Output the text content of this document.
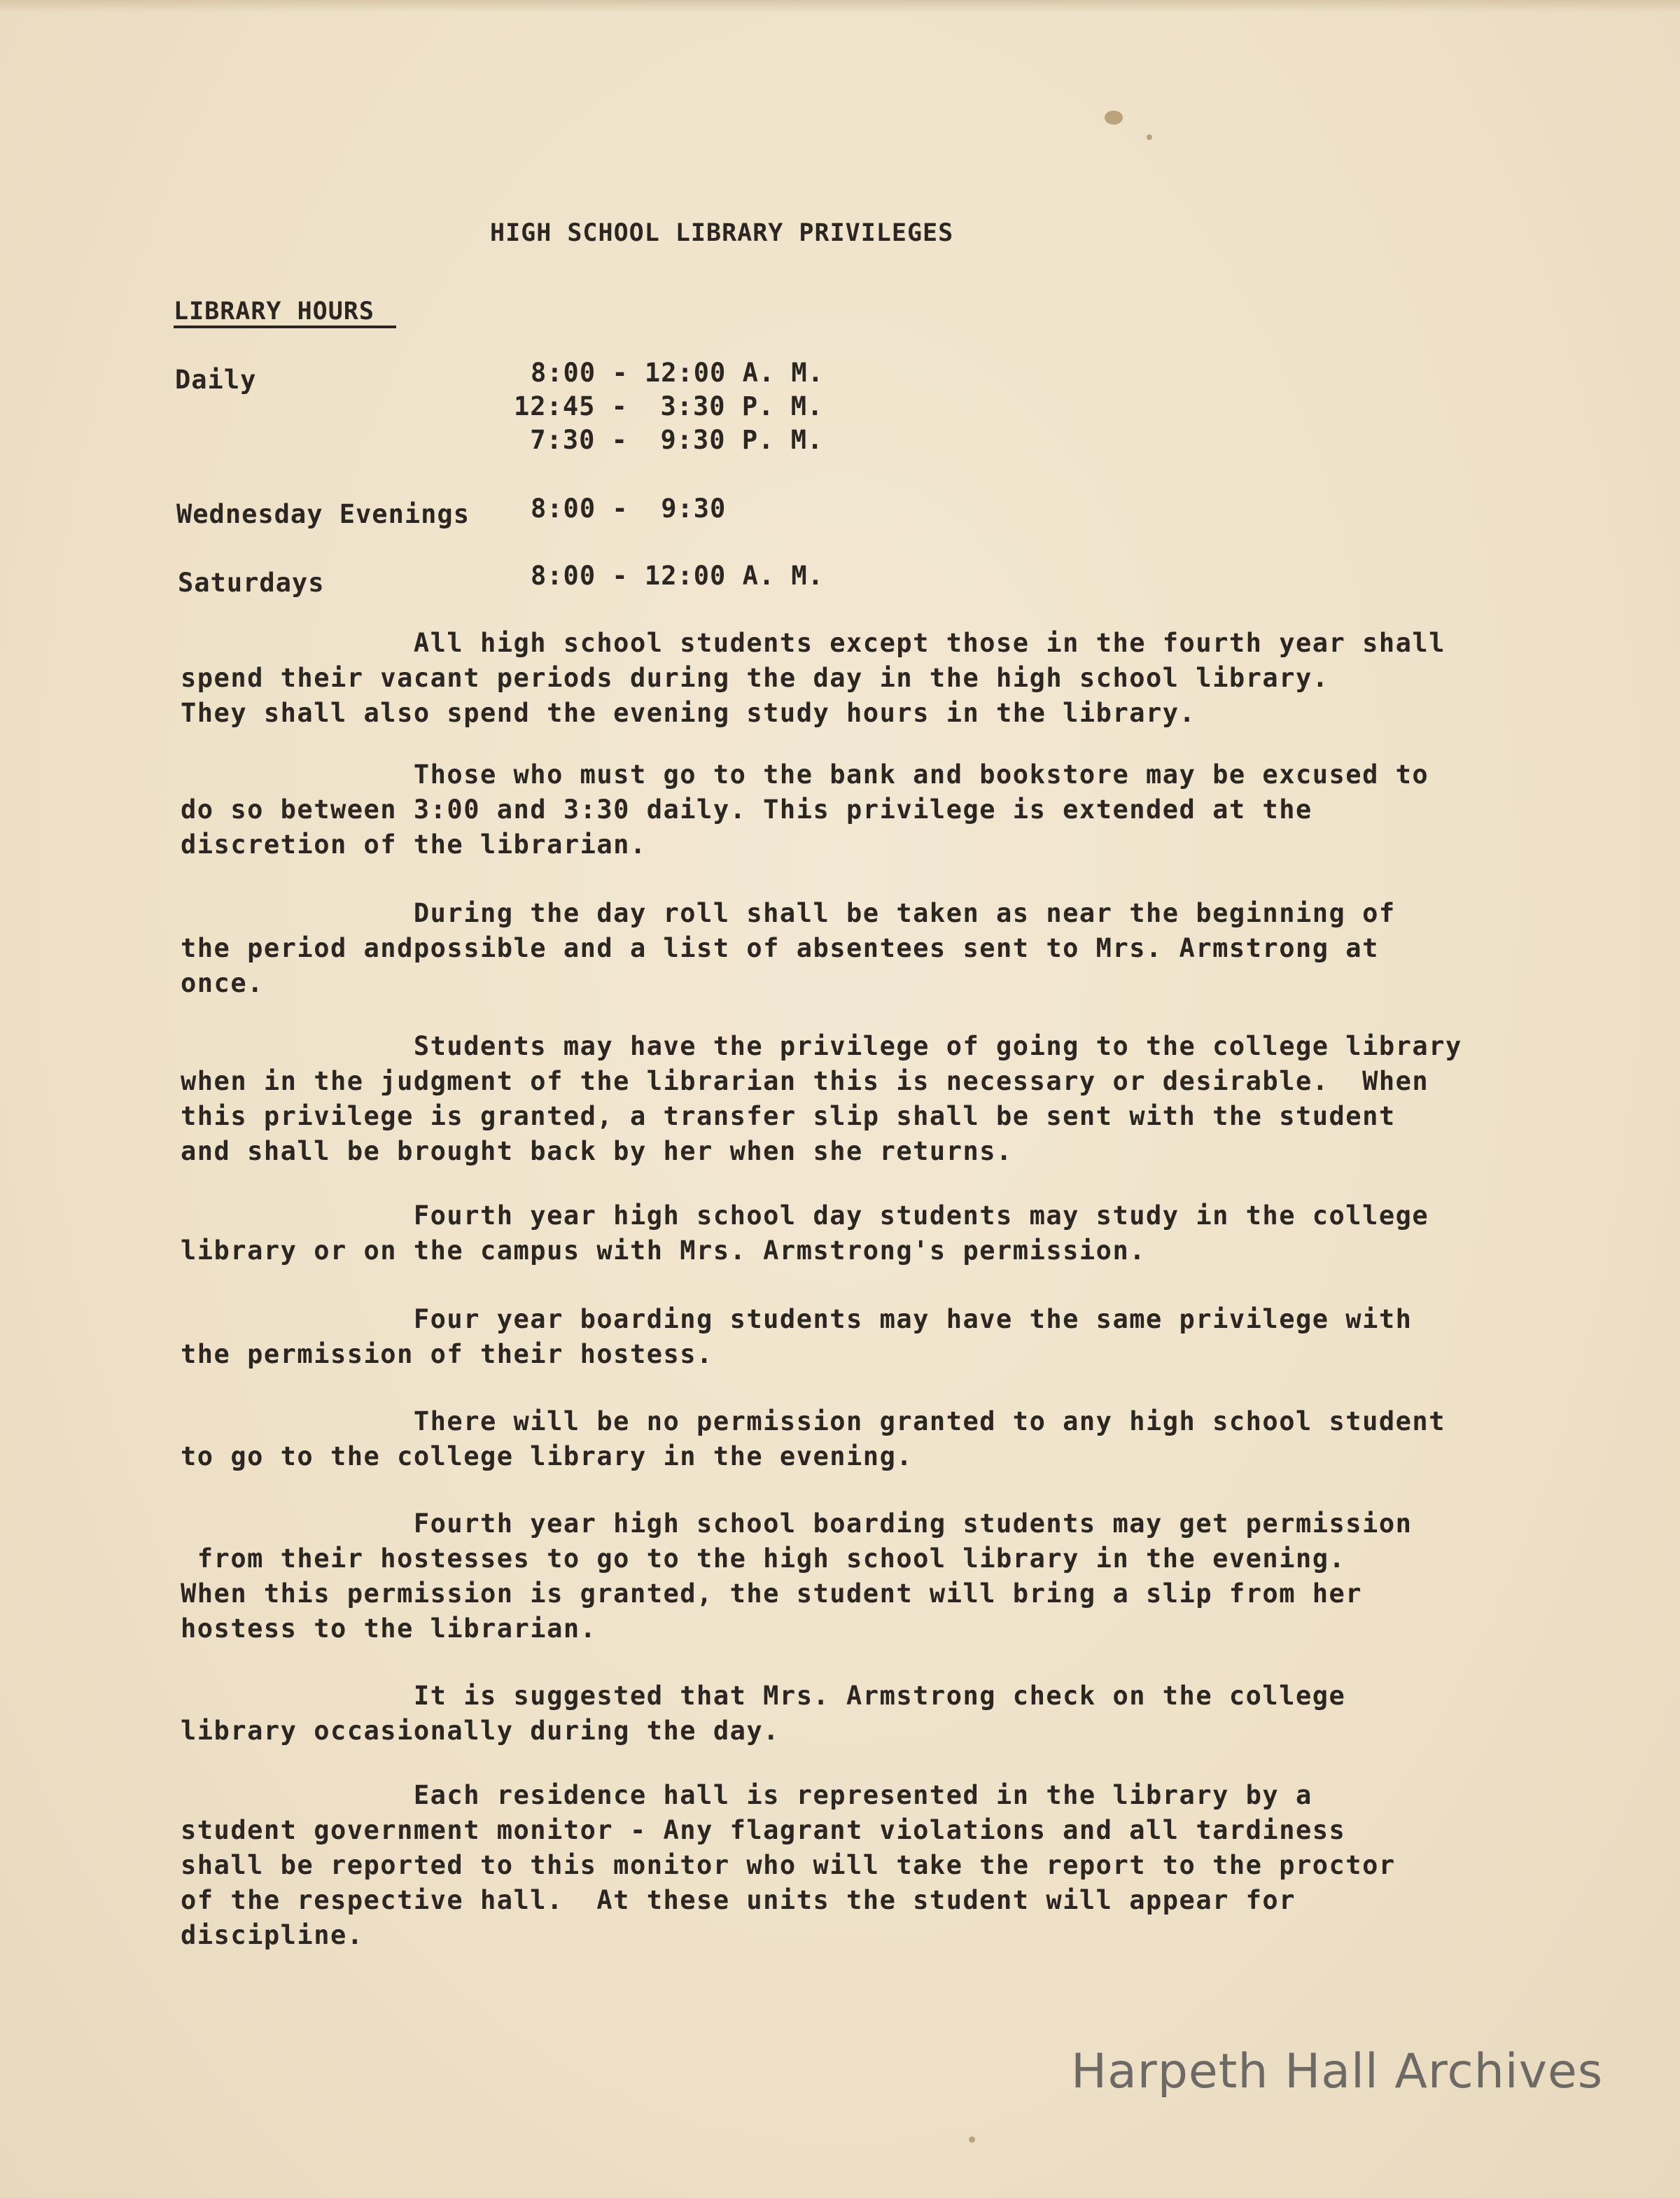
HIGH SCHOOL LIBRARY PRIVILEGES
LIBRARY HOURS
Daily	8:00 - 12:00 A. M.
12:45 -  3:30 P. M.
7:30 -  9:30 P. M.
Wednesday Evenings 8:00 -  9:30
Saturdays	8:00 - 12:00 A. M.
All high school students except those in the fourth year shall
spend their vacant periods during the day in the high school library.
They shall also spend the evening study hours in the library.
Those who must go to the bank and bookstore may be excused to
do so between 3:00 and 3:30 daily. This privilege is extended at the
discretion of the librarian.
During the day roll shall be taken as near the beginning of
the period andpossible and a list of absentees sent to Mrs. Armstrong at
once.
Students may have the privilege of going to the college library
when in the judgment of the librarian this is necessary or desirable.  When
this privilege is granted, a transfer slip shall be sent with the student
and shall be brought back by her when she returns.
Fourth year high school day students may study in the college
library or on the campus with Mrs. Armstrong's permission.
Four year boarding students may have the same privilege with
the permission of their hostess.
There will be no permission granted to any high school student
to go to the college library in the evening.
Fourth year high school boarding students may get permission
from their hostesses to go to the high school library in the evening.
When this permission is granted, the student will bring a slip from her
hostess to the librarian.
It is suggested that Mrs. Armstrong check on the college
library occasionally during the day.
Each residence hall is represented in the library by a
student government monitor - Any flagrant violations and all tardiness
shall be reported to this monitor who will take the report to the proctor
of the respective hall.  At these units the student will appear for
discipline.
Harpeth Hall Archives
